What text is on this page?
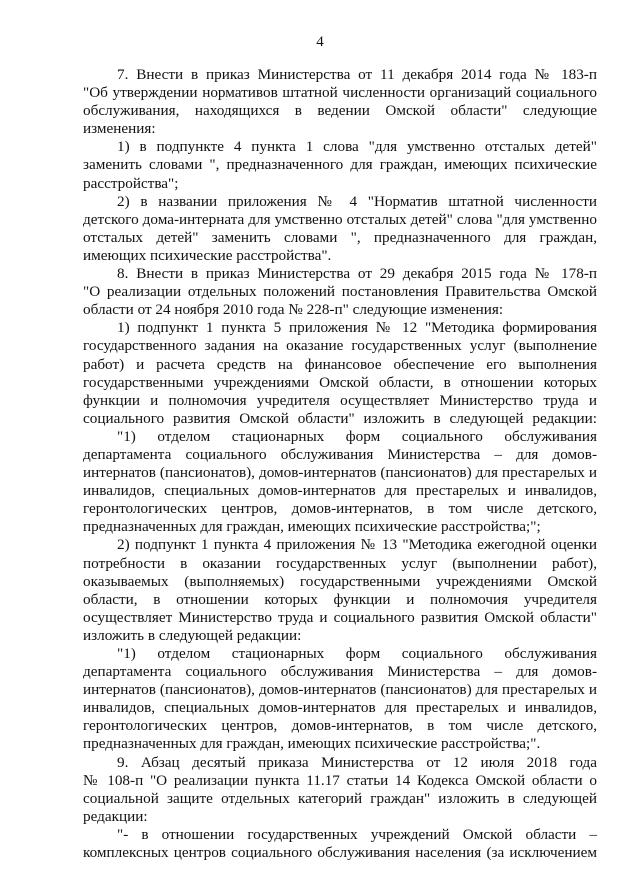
4
7. Внести в приказ Министерства от 11 декабря 2014 года № 183-п
"Об утверждении нормативов штатной численности организаций социального
обслуживания, находящихся в ведении Омской области" следующие
изменения:
1) в подпункте 4 пункта 1 слова "для умственно отсталых детей"
заменить словами ", предназначенного для граждан, имеющих психические
расстройства";
2) в названии приложения № 4 "Норматив штатной численности
детского дома-интерната для умственно отсталых детей" слова "для умственно
отсталых детей" заменить словами ", предназначенного для граждан,
имеющих психические расстройства".
8. Внести в приказ Министерства от 29 декабря 2015 года № 178-п
"О реализации отдельных положений постановления Правительства Омской
области от 24 ноября 2010 года № 228-п" следующие изменения:
1) подпункт 1 пункта 5 приложения № 12 "Методика формирования
государственного задания на оказание государственных услуг (выполнение
работ) и расчета средств на финансовое обеспечение его выполнения
государственными учреждениями Омской области, в отношении которых
функции и полномочия учредителя осуществляет Министерство труда и
социального развития Омской области" изложить в следующей редакции:
"1) отделом стационарных форм социального обслуживания
департамента социального обслуживания Министерства – для домов-
интернатов (пансионатов), домов-интернатов (пансионатов) для престарелых и
инвалидов, специальных домов-интернатов для престарелых и инвалидов,
геронтологических центров, домов-интернатов, в том числе детского,
предназначенных для граждан, имеющих психические расстройства;";
2) подпункт 1 пункта 4 приложения № 13 "Методика ежегодной оценки
потребности в оказании государственных услуг (выполнении работ),
оказываемых (выполняемых) государственными учреждениями Омской
области, в отношении которых функции и полномочия учредителя
осуществляет Министерство труда и социального развития Омской области"
изложить в следующей редакции:
"1) отделом стационарных форм социального обслуживания
департамента социального обслуживания Министерства – для домов-
интернатов (пансионатов), домов-интернатов (пансионатов) для престарелых и
инвалидов, специальных домов-интернатов для престарелых и инвалидов,
геронтологических центров, домов-интернатов, в том числе детского,
предназначенных для граждан, имеющих психические расстройства;".
9. Абзац десятый приказа Министерства от 12 июля 2018 года
№ 108-п "О реализации пункта 11.17 статьи 14 Кодекса Омской области о
социальной защите отдельных категорий граждан" изложить в следующей
редакции:
"- в отношении государственных учреждений Омской области –
комплексных центров социального обслуживания населения (за исключением
